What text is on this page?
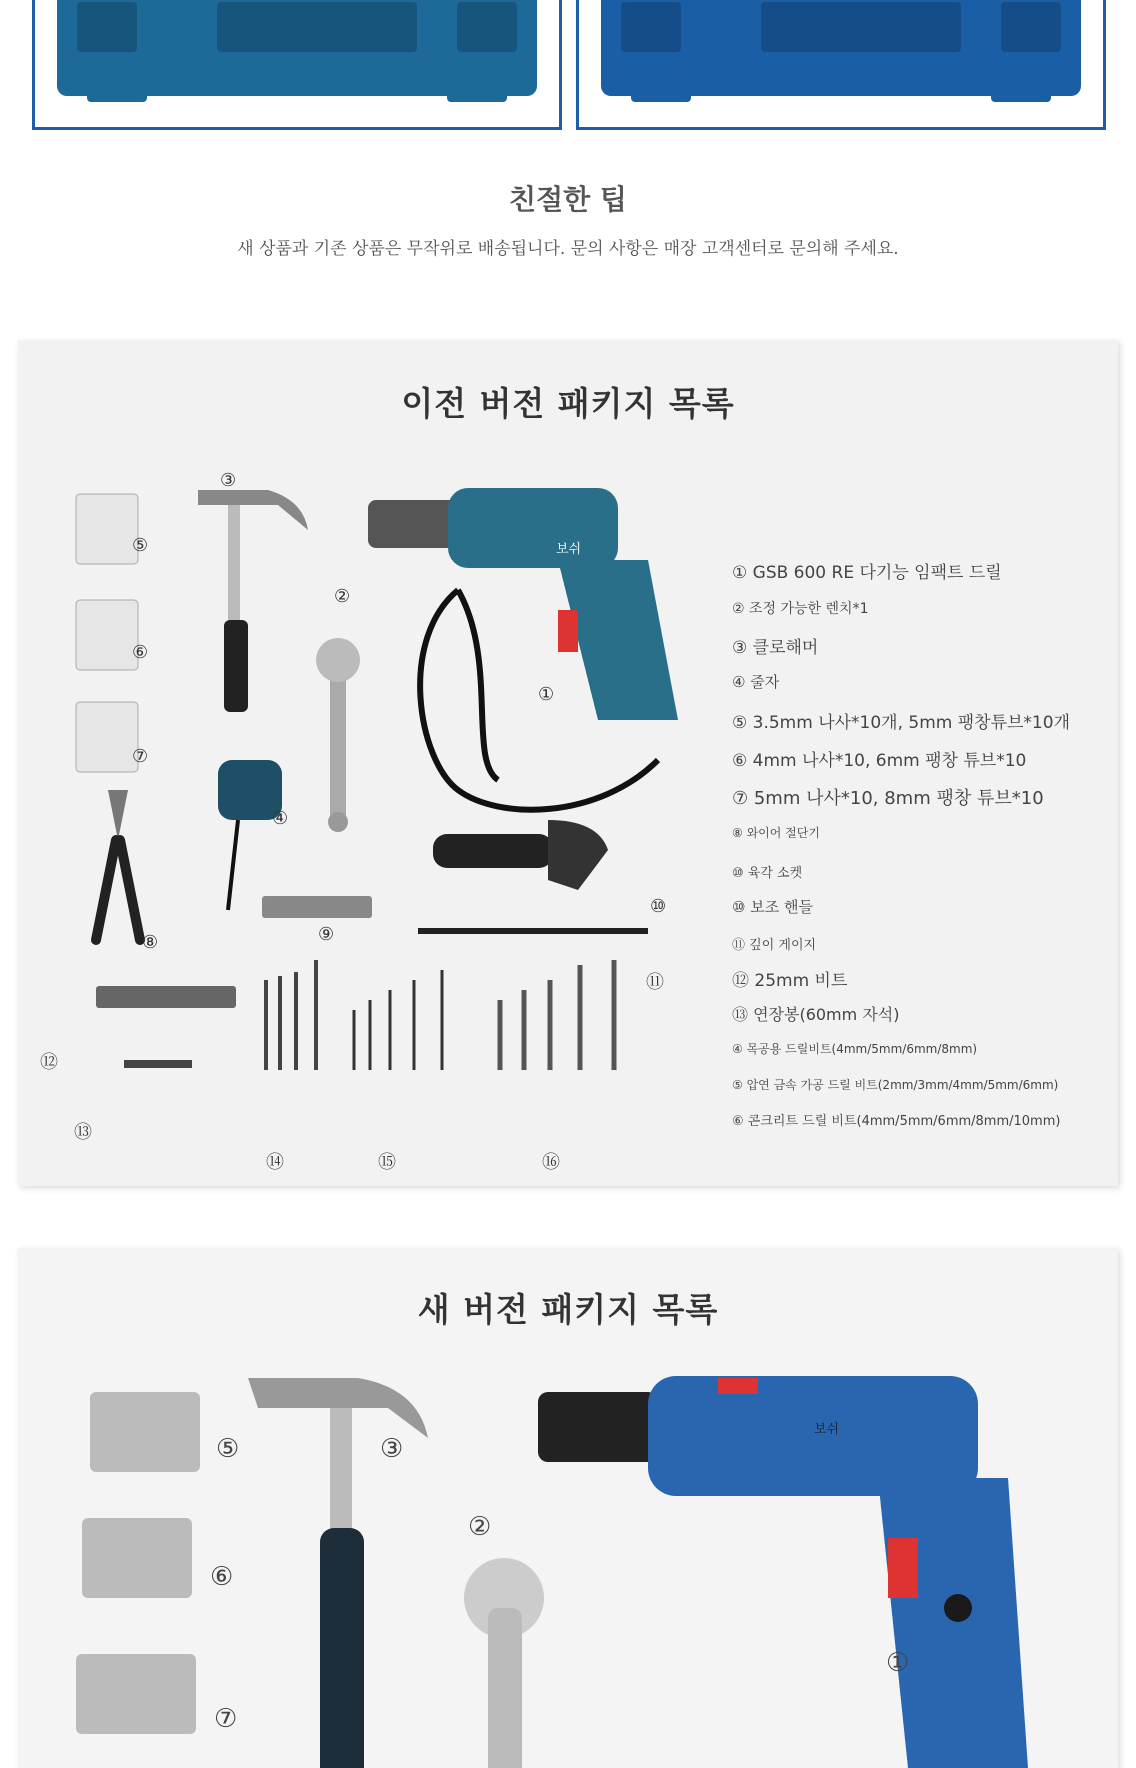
친절한 팁
새 상품과 기존 상품은 무작위로 배송됩니다. 문의 사항은 매장 고객센터로 문의해 주세요.
이전 버전 패키지 목록
보쉬
③
⑤
②
⑥
①
⑦
④
⑧	⑨
⑩
⑪
⑫
⑬
⑭	⑮	⑯
① GSB 600 RE 다기능 임팩트 드릴
② 조정 가능한 렌치*1
③ 클로해머
④ 줄자
⑤ 3.5mm 나사*10개, 5mm 팽창튜브*10개
⑥ 4mm 나사*10, 6mm 팽창 튜브*10
⑦ 5mm 나사*10, 8mm 팽창 튜브*10
⑧ 와이어 절단기
⑩ 육각 소켓
⑩ 보조 핸들
⑪ 깊이 게이지
⑫ 25mm 비트
⑬ 연장봉(60mm 자석)
④ 목공용 드릴비트(4mm/5mm/6mm/8mm)
⑤ 압연 금속 가공 드릴 비트(2mm/3mm/4mm/5mm/6mm)
⑥ 콘크리트 드릴 비트(4mm/5mm/6mm/8mm/10mm)
새 버전 패키지 목록
보쉬
⑤	③
②
⑥
①
⑦
